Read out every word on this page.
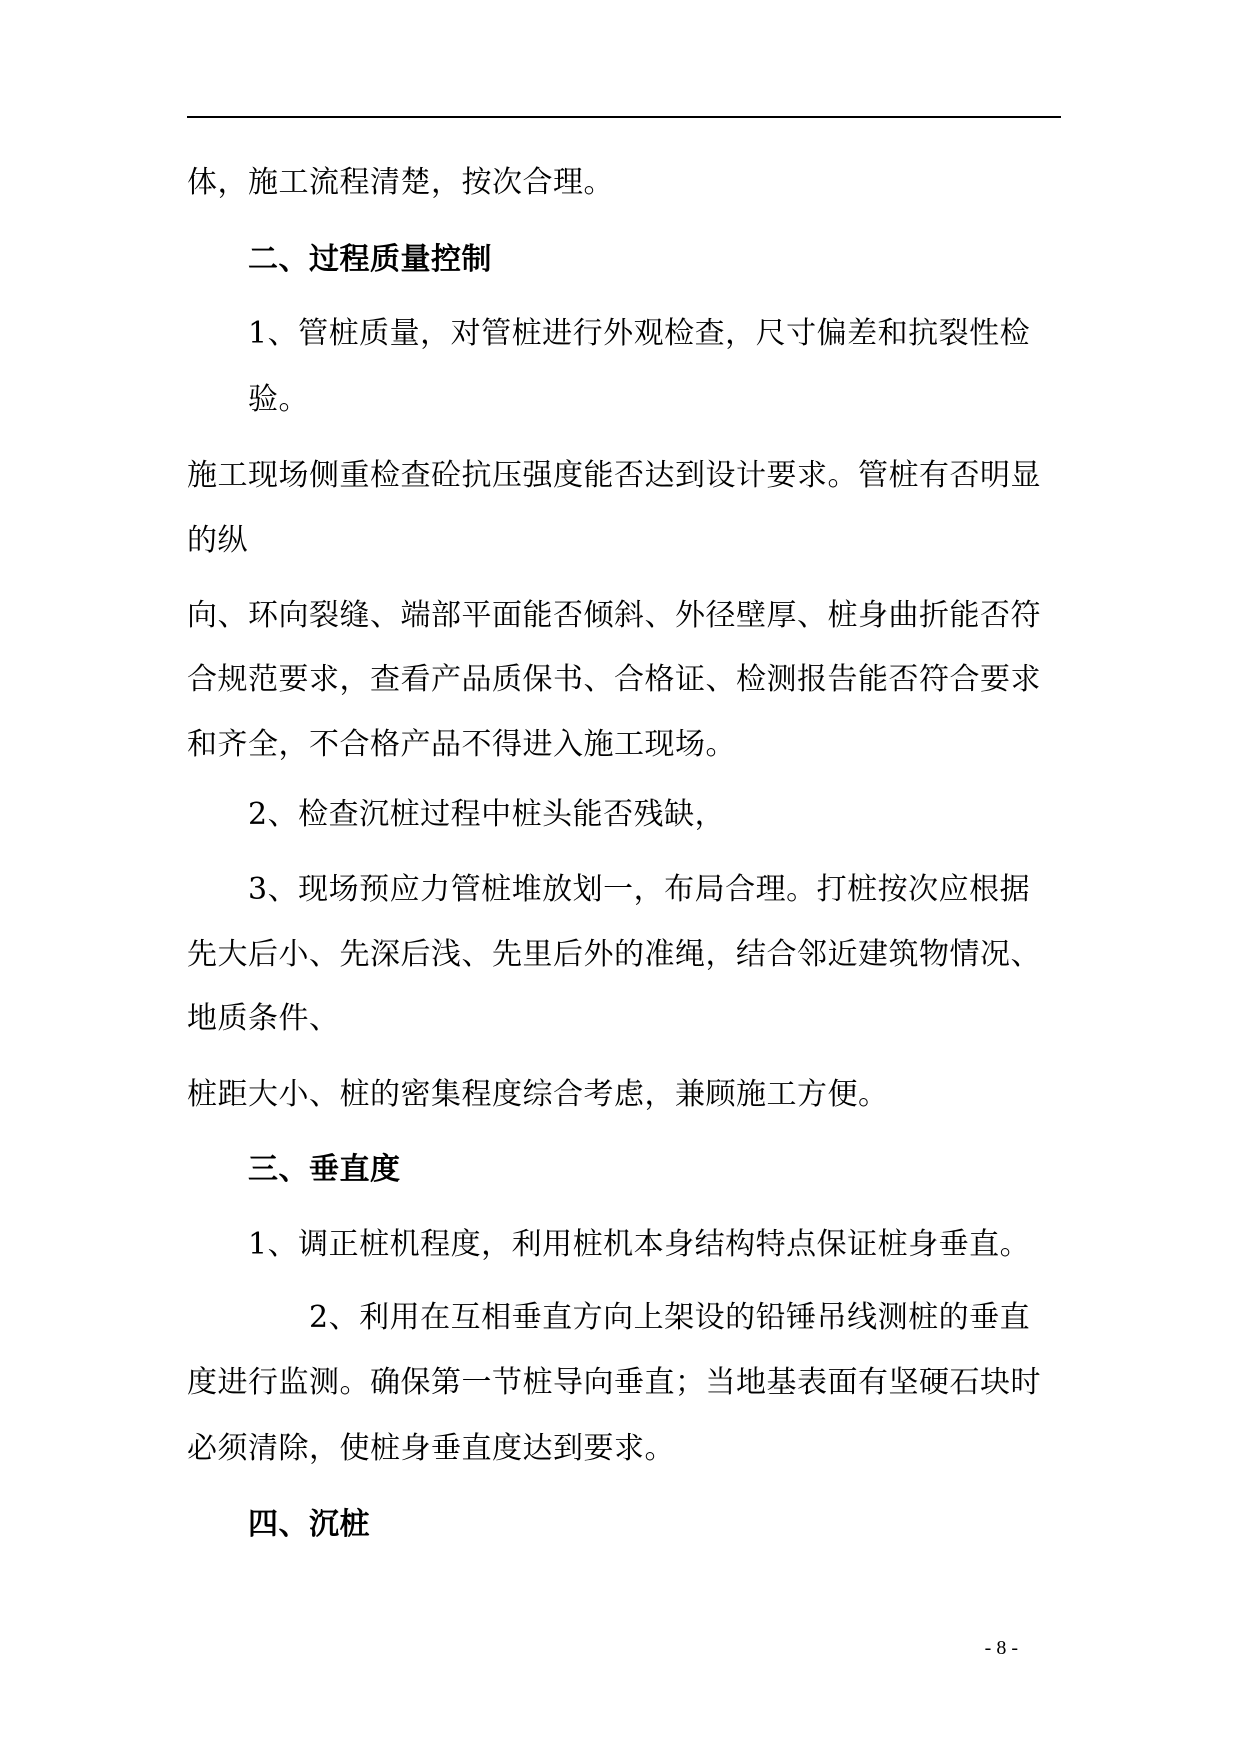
体，施工流程清楚，按次合理。
二、过程质量控制
1、管桩质量，对管桩进行外观检查，尺寸偏差和抗裂性检
验。
施工现场侧重检查砼抗压强度能否达到设计要求。管桩有否明显
的纵
向、环向裂缝、端部平面能否倾斜、外径壁厚、桩身曲折能否符
合规范要求，查看产品质保书、合格证、检测报告能否符合要求
和齐全，不合格产品不得进入施工现场。
2、检查沉桩过程中桩头能否残缺，
3、现场预应力管桩堆放划一，布局合理。打桩按次应根据
先大后小、先深后浅、先里后外的准绳，结合邻近建筑物情况、
地质条件、
桩距大小、桩的密集程度综合考虑，兼顾施工方便。
三、垂直度
1、调正桩机程度，利用桩机本身结构特点保证桩身垂直。
2、利用在互相垂直方向上架设的铅锤吊线测桩的垂直
度进行监测。确保第一节桩导向垂直；当地基表面有坚硬石块时
必须清除，使桩身垂直度达到要求。
四、沉桩
- 8 -
